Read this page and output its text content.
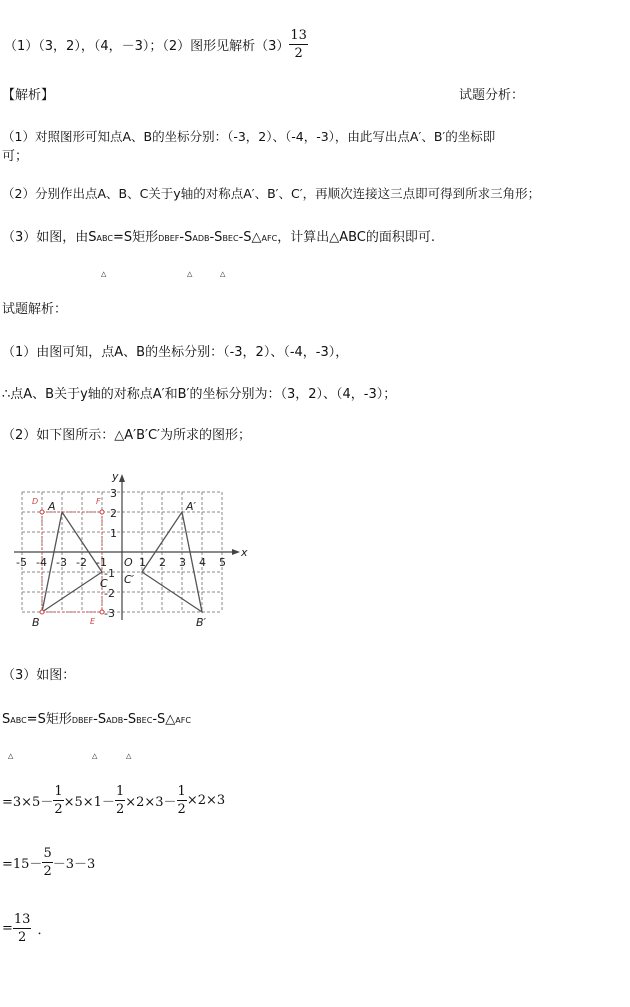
（1）（3，2），（4，－3）；（2）图形见解析$(3) \frac{13}{2}$
【解析】	试题分析：
（1）对照图形可知点A、B的坐标分别：（-3，2）、（-4，-3），由此写出点A′、B′的坐标即
可；
（2）分别作出点A、B、C关于y轴的对称点A′、B′、C′，再顺次连接这三点即可得到所求三角形；
（3）如图，由SABC=S矩形DBEF-SADB-SBEC-S△AFC，计算出△ABC的面积即可.
△	△	△
试题解析：
（1）由图可知，点A、B的坐标分别：（-3，2）、（-4，-3），
∴点A、B关于y轴的对称点A′和B′的坐标分别为：（3，2）、（4，-3）；
（2）如下图所示：△A′B′C′为所求的图形；
-5 -4 -3 -2 -1 O 1 2 3 4 5
3
2
1
-1
-2
-3
x
y
A
B
C
A′
B′
C′
D	F
E
（3）如图：
SABC=S矩形DBEF-SADB-SBEC-S△AFC
△	△	△
$=3\times 5- \frac{1}{2} \times 5\times 1- \frac{1}{2} \times 2\times 3- \frac{1}{2} \times 2\times 3$
$=15- \frac{5}{2} -3-3$
= $\frac{13}{2}$ ．
